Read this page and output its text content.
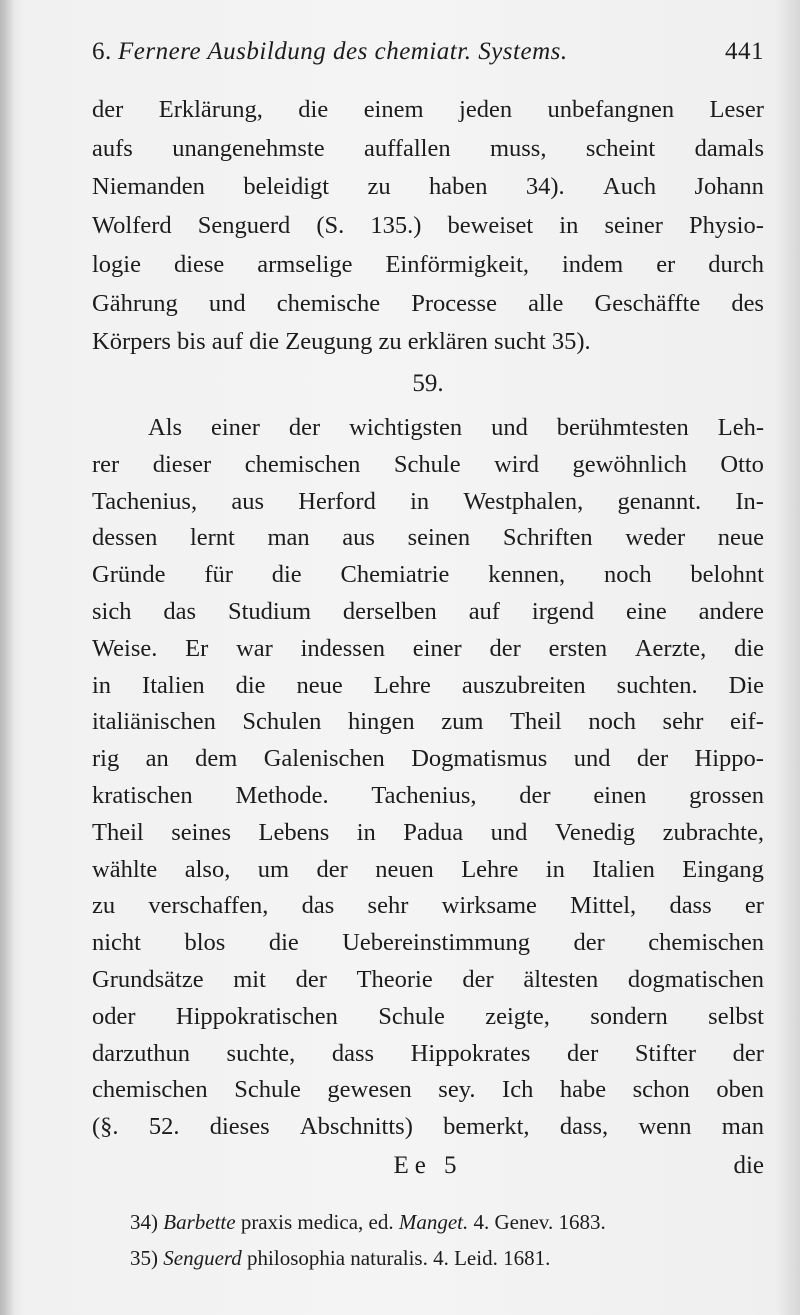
6. Fernere Ausbildung des chemiatr. Systems.	441
der Erklärung, die einem jeden unbefangnen Leser
aufs unangenehmste auffallen muss, scheint damals
Niemanden beleidigt zu haben 34). Auch Johann
Wolferd Senguerd (S. 135.) beweiset in seiner Physio-
logie diese armselige Einförmigkeit, indem er durch
Gährung und chemische Processe alle Geschäffte des
Körpers bis auf die Zeugung zu erklären sucht 35).
59.
Als einer der wichtigsten und berühmtesten Leh-
rer dieser chemischen Schule wird gewöhnlich Otto
Tachenius, aus Herford in Westphalen, genannt. In-
dessen lernt man aus seinen Schriften weder neue
Gründe für die Chemiatrie kennen, noch belohnt
sich das Studium derselben auf irgend eine andere
Weise. Er war indessen einer der ersten Aerzte, die
in Italien die neue Lehre auszubreiten suchten. Die
italiänischen Schulen hingen zum Theil noch sehr eif-
rig an dem Galenischen Dogmatismus und der Hippo-
kratischen Methode. Tachenius, der einen grossen
Theil seines Lebens in Padua und Venedig zubrachte,
wählte also, um der neuen Lehre in Italien Eingang
zu verschaffen, das sehr wirksame Mittel, dass er
nicht blos die Uebereinstimmung der chemischen
Grundsätze mit der Theorie der ältesten dogmatischen
oder Hippokratischen Schule zeigte, sondern selbst
darzuthun suchte, dass Hippokrates der Stifter der
chemischen Schule gewesen sey. Ich habe schon oben
(§. 52. dieses Abschnitts) bemerkt, dass, wenn man
Ee 5	die
34) Barbette praxis medica, ed. Manget. 4. Genev. 1683.
35) Senguerd philosophia naturalis. 4. Leid. 1681.
